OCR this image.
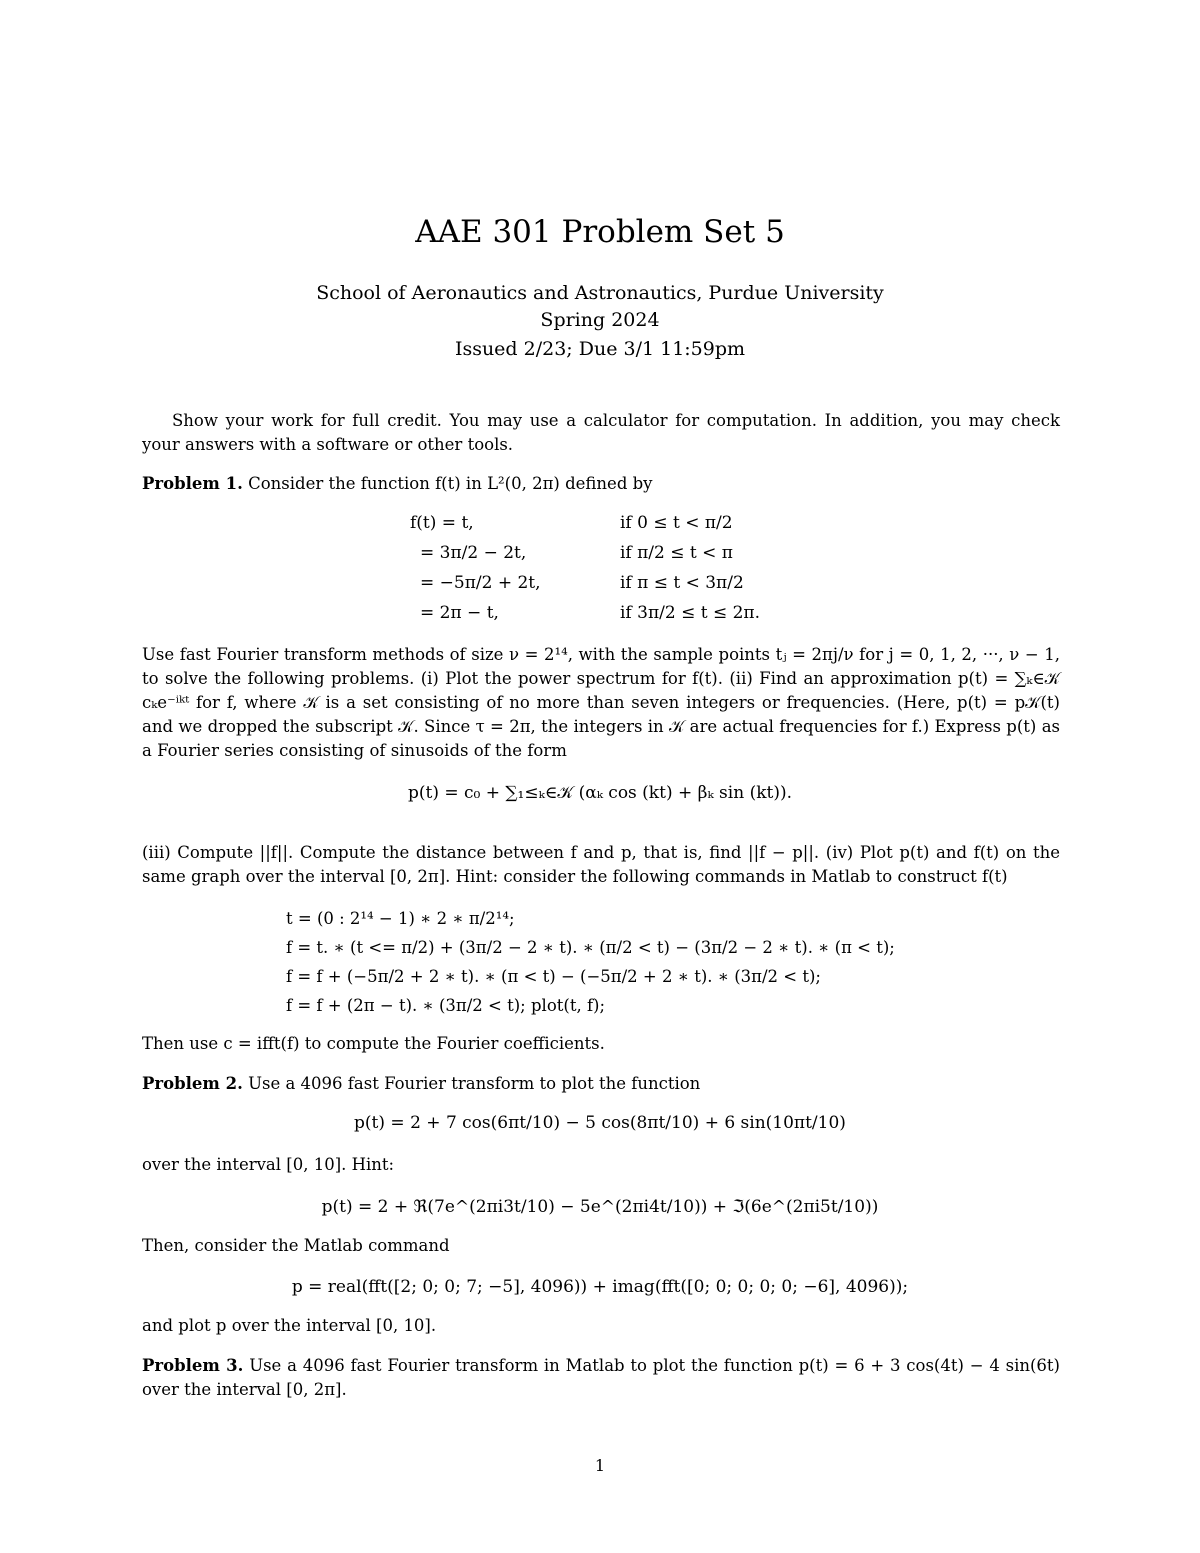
AAE 301 Problem Set 5
School of Aeronautics and Astronautics, Purdue University
Spring 2024
Issued 2/23; Due 3/1 11:59pm
Show your work for full credit. You may use a calculator for computation. In addition, you may check your answers with a software or other tools.
Problem 1. Consider the function f(t) in L²(0, 2π) defined by
f(t) = t,	if 0 ≤ t < π/2
= 3π/2 − 2t,	if π/2 ≤ t < π
= −5π/2 + 2t,	if π ≤ t < 3π/2
= 2π − t,	if 3π/2 ≤ t ≤ 2π.
Use fast Fourier transform methods of size ν = 2¹⁴, with the sample points tⱼ = 2πj/ν for j = 0, 1, 2, ···, ν − 1, to solve the following problems. (i) Plot the power spectrum for f(t). (ii) Find an approximation p(t) = ∑ₖ∈𝒦 cₖe⁻ⁱᵏᵗ for f, where 𝒦 is a set consisting of no more than seven integers or frequencies. (Here, p(t) = p𝒦(t) and we dropped the subscript 𝒦. Since τ = 2π, the integers in 𝒦 are actual frequencies for f.) Express p(t) as a Fourier series consisting of sinusoids of the form
p(t) = c₀ + ∑₁≤ₖ∈𝒦 (αₖ cos (kt) + βₖ sin (kt)).
(iii) Compute ||f||. Compute the distance between f and p, that is, find ||f − p||. (iv) Plot p(t) and f(t) on the same graph over the interval [0, 2π]. Hint: consider the following commands in Matlab to construct f(t)
t = (0 : 2¹⁴ − 1) ∗ 2 ∗ π/2¹⁴;
f = t. ∗ (t <= π/2) + (3π/2 − 2 ∗ t). ∗ (π/2 < t) − (3π/2 − 2 ∗ t). ∗ (π < t);
f = f + (−5π/2 + 2 ∗ t). ∗ (π < t) − (−5π/2 + 2 ∗ t). ∗ (3π/2 < t);
f = f + (2π − t). ∗ (3π/2 < t); plot(t, f);
Then use c = ifft(f) to compute the Fourier coefficients.
Problem 2. Use a 4096 fast Fourier transform to plot the function
p(t) = 2 + 7 cos(6πt/10) − 5 cos(8πt/10) + 6 sin(10πt/10)
over the interval [0, 10]. Hint:
p(t) = 2 + ℜ(7e^(2πi3t/10) − 5e^(2πi4t/10)) + ℑ(6e^(2πi5t/10))
Then, consider the Matlab command
p = real(fft([2; 0; 0; 7; −5], 4096)) + imag(fft([0; 0; 0; 0; 0; −6], 4096));
and plot p over the interval [0, 10].
Problem 3. Use a 4096 fast Fourier transform in Matlab to plot the function p(t) = 6 + 3 cos(4t) − 4 sin(6t) over the interval [0, 2π].
1
